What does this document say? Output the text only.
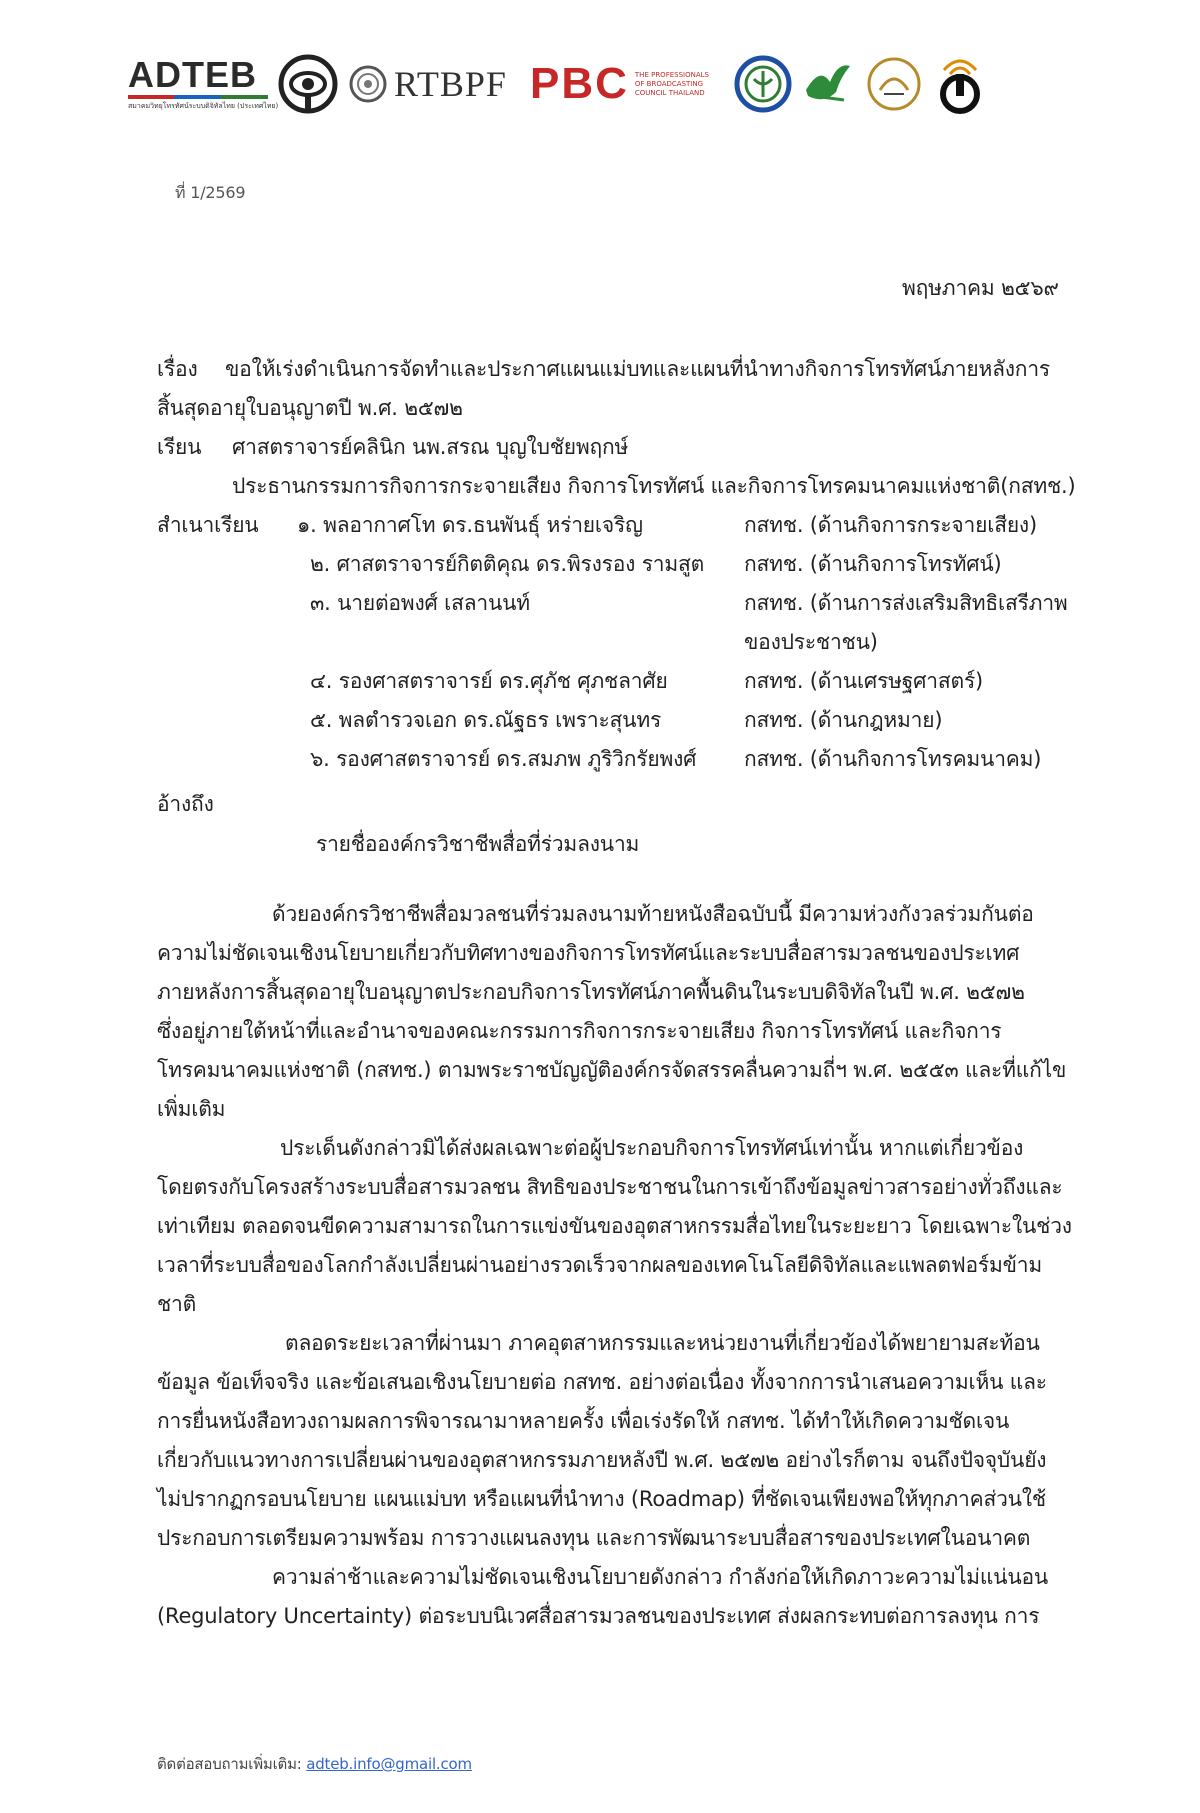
ADTEB
สมาคมวิทยุโทรทัศน์ระบบดิจิทัลไทย (ประเทศไทย)
RTBPF PBC THE PROFESSIONALS OF BROADCASTING COUNCIL THAILAND
ที่ 1/2569
พฤษภาคม ๒๕๖๙
เรื่อง ขอให้เร่งดำเนินการจัดทำและประกาศแผนแม่บทและแผนที่นำทางกิจการโทรทัศน์ภายหลังการ
สิ้นสุดอายุใบอนุญาตปี พ.ศ. ๒๕๗๒
เรียน ศาสตราจารย์คลินิก นพ.สรณ บุญใบชัยพฤกษ์
ประธานกรรมการกิจการกระจายเสียง กิจการโทรทัศน์ และกิจการโทรคมนาคมแห่งชาติ(กสทช.)
สำเนาเรียน ๑. พลอากาศโท ดร.ธนพันธุ์ หร่ายเจริญ	กสทช. (ด้านกิจการกระจายเสียง)
๒. ศาสตราจารย์กิตติคุณ ดร.พิรงรอง รามสูต กสทช. (ด้านกิจการโทรทัศน์)
๓. นายต่อพงศ์ เสลานนท์	กสทช. (ด้านการส่งเสริมสิทธิเสรีภาพ
ของประชาชน)
๔. รองศาสตราจารย์ ดร.ศุภัช ศุภชลาศัย	กสทช. (ด้านเศรษฐศาสตร์)
๕. พลตำรวจเอก ดร.ณัฐธร เพราะสุนทร	กสทช. (ด้านกฎหมาย)
๖. รองศาสตราจารย์ ดร.สมภพ ภูริวิกรัยพงศ์ กสทช. (ด้านกิจการโทรคมนาคม)
อ้างถึง
รายชื่อองค์กรวิชาชีพสื่อที่ร่วมลงนาม
ด้วยองค์กรวิชาชีพสื่อมวลชนที่ร่วมลงนามท้ายหนังสือฉบับนี้ มีความห่วงกังวลร่วมกันต่อ
ความไม่ชัดเจนเชิงนโยบายเกี่ยวกับทิศทางของกิจการโทรทัศน์และระบบสื่อสารมวลชนของประเทศ
ภายหลังการสิ้นสุดอายุใบอนุญาตประกอบกิจการโทรทัศน์ภาคพื้นดินในระบบดิจิทัลในปี พ.ศ. ๒๕๗๒
ซึ่งอยู่ภายใต้หน้าที่และอำนาจของคณะกรรมการกิจการกระจายเสียง กิจการโทรทัศน์ และกิจการ
โทรคมนาคมแห่งชาติ (กสทช.) ตามพระราชบัญญัติองค์กรจัดสรรคลื่นความถี่ฯ พ.ศ. ๒๕๕๓ และที่แก้ไข
เพิ่มเติม
ประเด็นดังกล่าวมิได้ส่งผลเฉพาะต่อผู้ประกอบกิจการโทรทัศน์เท่านั้น หากแต่เกี่ยวข้อง
โดยตรงกับโครงสร้างระบบสื่อสารมวลชน สิทธิของประชาชนในการเข้าถึงข้อมูลข่าวสารอย่างทั่วถึงและ
เท่าเทียม ตลอดจนขีดความสามารถในการแข่งขันของอุตสาหกรรมสื่อไทยในระยะยาว โดยเฉพาะในช่วง
เวลาที่ระบบสื่อของโลกกำลังเปลี่ยนผ่านอย่างรวดเร็วจากผลของเทคโนโลยีดิจิทัลและแพลตฟอร์มข้าม
ชาติ
ตลอดระยะเวลาที่ผ่านมา ภาคอุตสาหกรรมและหน่วยงานที่เกี่ยวข้องได้พยายามสะท้อน
ข้อมูล ข้อเท็จจริง และข้อเสนอเชิงนโยบายต่อ กสทช. อย่างต่อเนื่อง ทั้งจากการนำเสนอความเห็น และ
การยื่นหนังสือทวงถามผลการพิจารณามาหลายครั้ง เพื่อเร่งรัดให้ กสทช. ได้ทำให้เกิดความชัดเจน
เกี่ยวกับแนวทางการเปลี่ยนผ่านของอุตสาหกรรมภายหลังปี พ.ศ. ๒๕๗๒ อย่างไรก็ตาม จนถึงปัจจุบันยัง
ไม่ปรากฏกรอบนโยบาย แผนแม่บท หรือแผนที่นำทาง (Roadmap) ที่ชัดเจนเพียงพอให้ทุกภาคส่วนใช้
ประกอบการเตรียมความพร้อม การวางแผนลงทุน และการพัฒนาระบบสื่อสารของประเทศในอนาคต
ความล่าช้าและความไม่ชัดเจนเชิงนโยบายดังกล่าว กำลังก่อให้เกิดภาวะความไม่แน่นอน
(Regulatory Uncertainty) ต่อระบบนิเวศสื่อสารมวลชนของประเทศ ส่งผลกระทบต่อการลงทุน การ
ติดต่อสอบถามเพิ่มเติม: adteb.info@gmail.com
